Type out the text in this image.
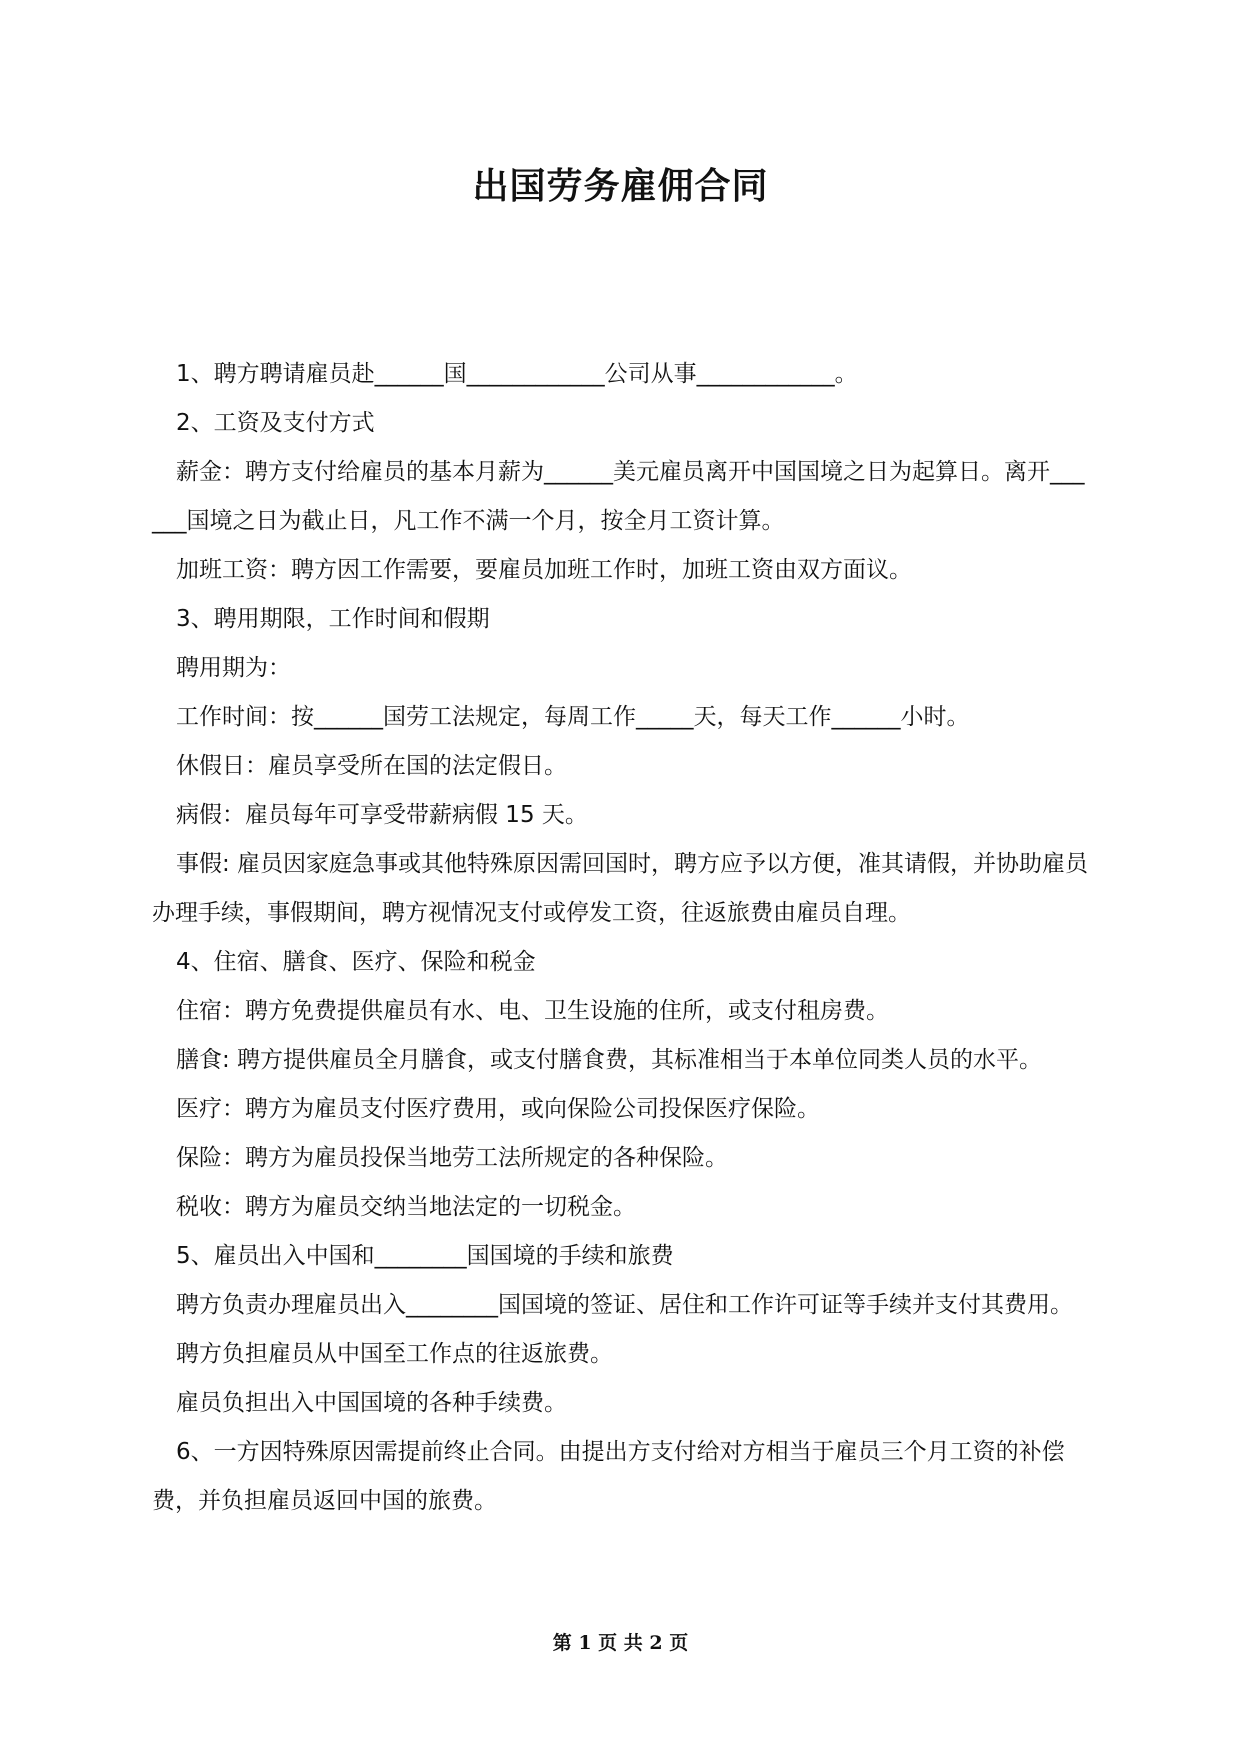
出国劳务雇佣合同

1、聘方聘请雇员赴______国____________公司从事____________。

2、工资及支付方式

薪金：聘方支付给雇员的基本月薪为______美元雇员离开中国国境之日为起算日。离开______国境之日为截止日，凡工作不满一个月，按全月工资计算。

加班工资：聘方因工作需要，要雇员加班工作时，加班工资由双方面议。

3、聘用期限，工作时间和假期

聘用期为：

工作时间：按______国劳工法规定，每周工作_____天，每天工作______小时。

休假日：雇员享受所在国的法定假日。

病假：雇员每年可享受带薪病假 15 天。

事假: 雇员因家庭急事或其他特殊原因需回国时，聘方应予以方便，准其请假，并协助雇员办理手续，事假期间，聘方视情况支付或停发工资，往返旅费由雇员自理。

4、住宿、膳食、医疗、保险和税金

住宿：聘方免费提供雇员有水、电、卫生设施的住所，或支付租房费。

膳食: 聘方提供雇员全月膳食，或支付膳食费，其标准相当于本单位同类人员的水平。

医疗：聘方为雇员支付医疗费用，或向保险公司投保医疗保险。

保险：聘方为雇员投保当地劳工法所规定的各种保险。

税收：聘方为雇员交纳当地法定的一切税金。

5、雇员出入中国和________国国境的手续和旅费

聘方负责办理雇员出入________国国境的签证、居住和工作许可证等手续并支付其费用。

聘方负担雇员从中国至工作点的往返旅费。

雇员负担出入中国国境的各种手续费。

6、一方因特殊原因需提前终止合同。由提出方支付给对方相当于雇员三个月工资的补偿费，并负担雇员返回中国的旅费。

第 1 页 共 2 页
